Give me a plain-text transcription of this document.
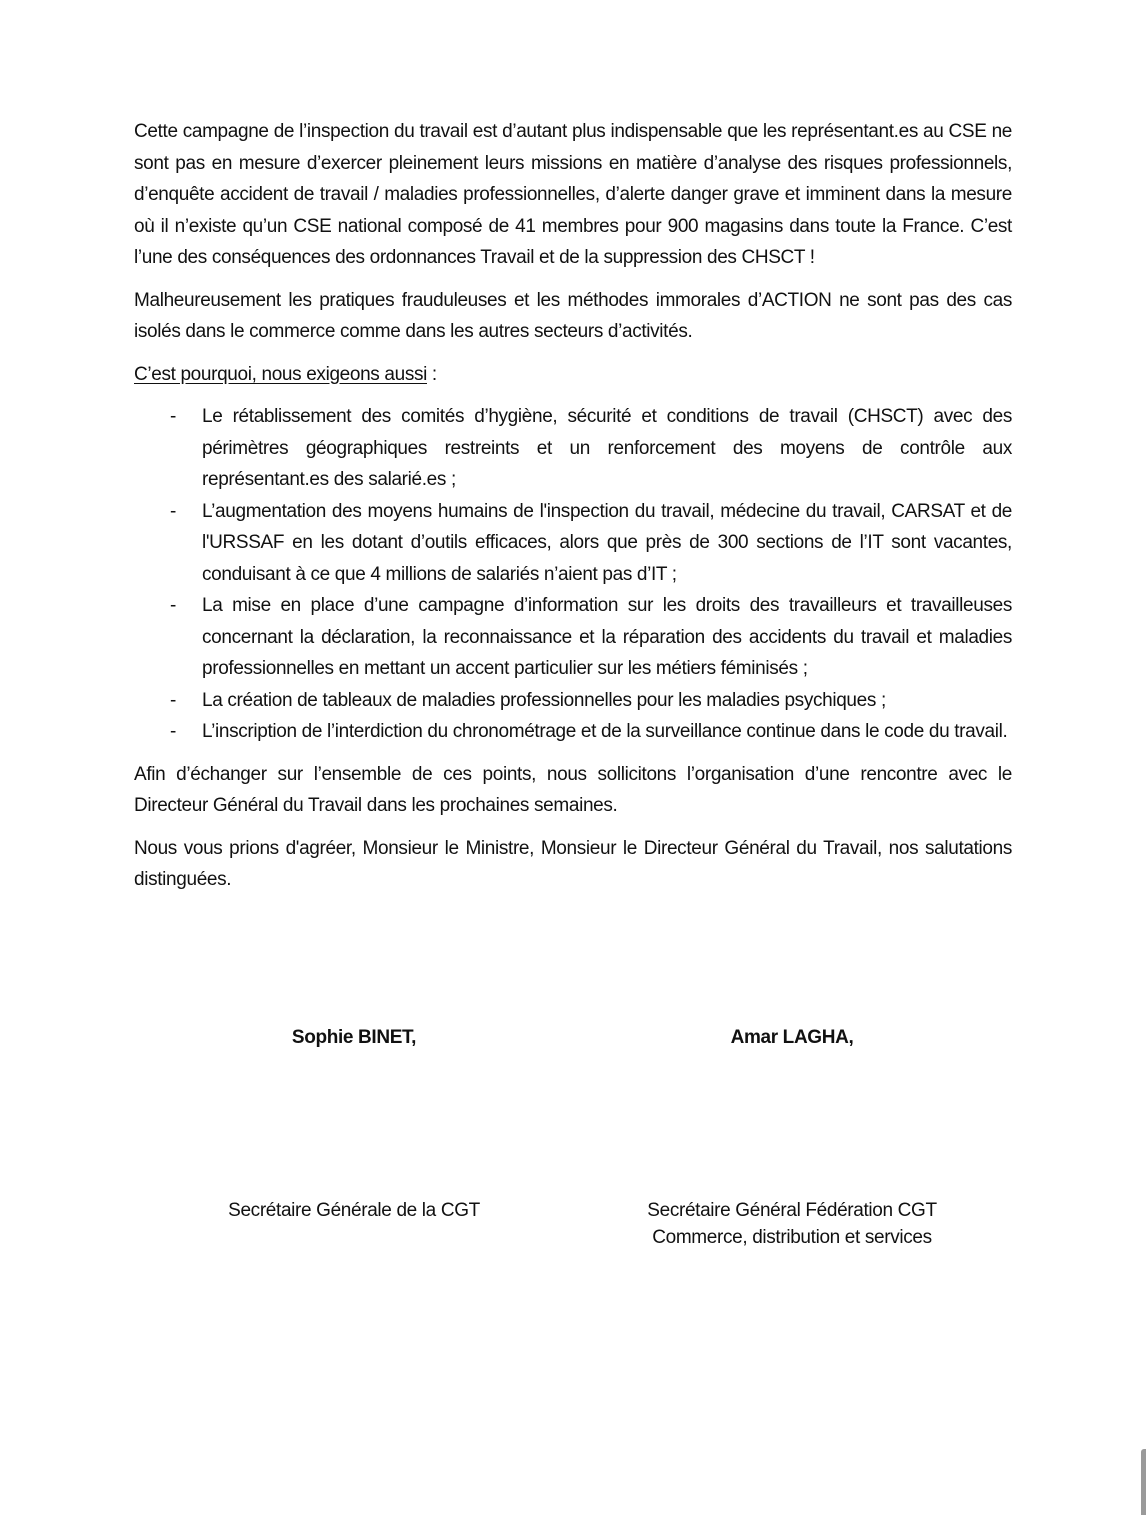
Cette campagne de l’inspection du travail est d’autant plus indispensable que les représentant.es au CSE ne sont pas en mesure d’exercer pleinement leurs missions en matière d’analyse des risques professionnels, d’enquête accident de travail / maladies professionnelles, d’alerte danger grave et imminent dans la mesure où il n’existe qu’un CSE national composé de 41 membres pour 900 magasins dans toute la France. C’est l’une des conséquences des ordonnances Travail et de la suppression des CHSCT !

Malheureusement les pratiques frauduleuses et les méthodes immorales d’ACTION ne sont pas des cas isolés dans le commerce comme dans les autres secteurs d’activités.

C’est pourquoi, nous exigeons aussi :

- Le rétablissement des comités d’hygiène, sécurité et conditions de travail (CHSCT) avec des périmètres géographiques restreints et un renforcement des moyens de contrôle aux représentant.es des salarié.es ;
- L’augmentation des moyens humains de l'inspection du travail, médecine du travail, CARSAT et de l'URSSAF en les dotant d’outils efficaces, alors que près de 300 sections de l’IT sont vacantes, conduisant à ce que 4 millions de salariés n’aient pas d’IT ;
- La mise en place d’une campagne d’information sur les droits des travailleurs et travailleuses concernant la déclaration, la reconnaissance et la réparation des accidents du travail et maladies professionnelles en mettant un accent particulier sur les métiers féminisés ;
- La création de tableaux de maladies professionnelles pour les maladies psychiques ;
- L’inscription de l’interdiction du chronométrage et de la surveillance continue dans le code du travail.

Afin d’échanger sur l’ensemble de ces points, nous sollicitons l’organisation d’une rencontre avec le Directeur Général du Travail dans les prochaines semaines.

Nous vous prions d'agréer, Monsieur le Ministre, Monsieur le Directeur Général du Travail, nos salutations distinguées.

Sophie BINET,	Amar LAGHA,
Secrétaire Générale de la CGT	Secrétaire Général Fédération CGT
Commerce, distribution et services
